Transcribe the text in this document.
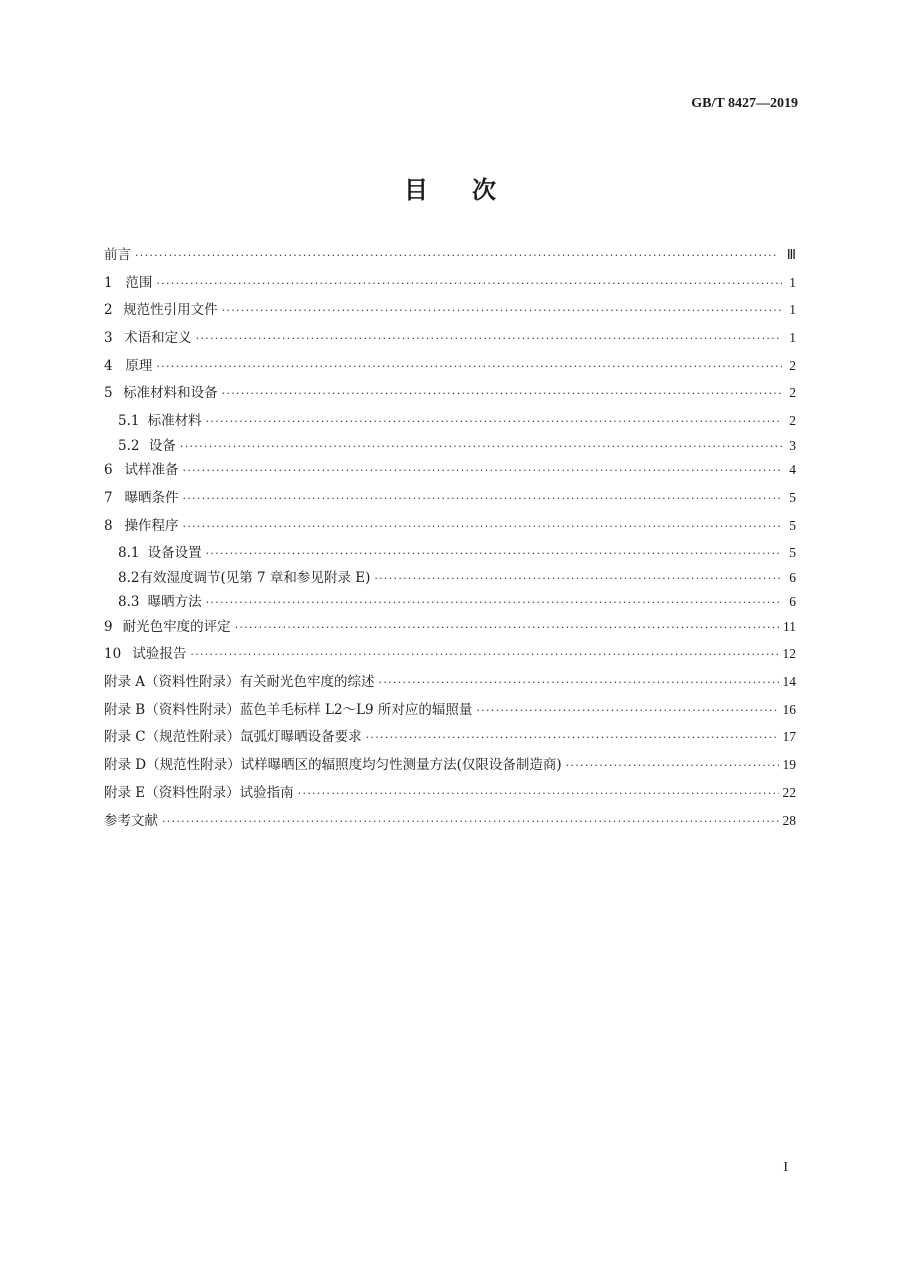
GB/T 8427—2019
目 次
前言 ·····	Ⅲ
1 范围 ·····	1
2 规范性引用文件 ·····	1
3 术语和定义 ·····	1
4 原理 ·····	2
5 标准材料和设备 ·····	2
5.1 标准材料 ·····	2
5.2 设备 ·····	3
6 试样准备 ·····	4
7 曝晒条件 ·····	5
8 操作程序 ·····	5
8.1 设备设置 ·····	5
8.2 有效湿度调节(见第 7 章和参见附录 E) ·····	6
8.3 曝晒方法 ·····	6
9 耐光色牢度的评定 ·····	11
10 试验报告 ·····	12
附录 A（资料性附录） 有关耐光色牢度的综述 ·····	14
附录 B（资料性附录） 蓝色羊毛标样 L2～L9 所对应的辐照量 ·····	16
附录 C（规范性附录） 氙弧灯曝晒设备要求 ·····	17
附录 D（规范性附录） 试样曝晒区的辐照度均匀性测量方法(仅限设备制造商) ·····	19
附录 E（资料性附录） 试验指南 ·····	22
参考文献 ·····	28
I
